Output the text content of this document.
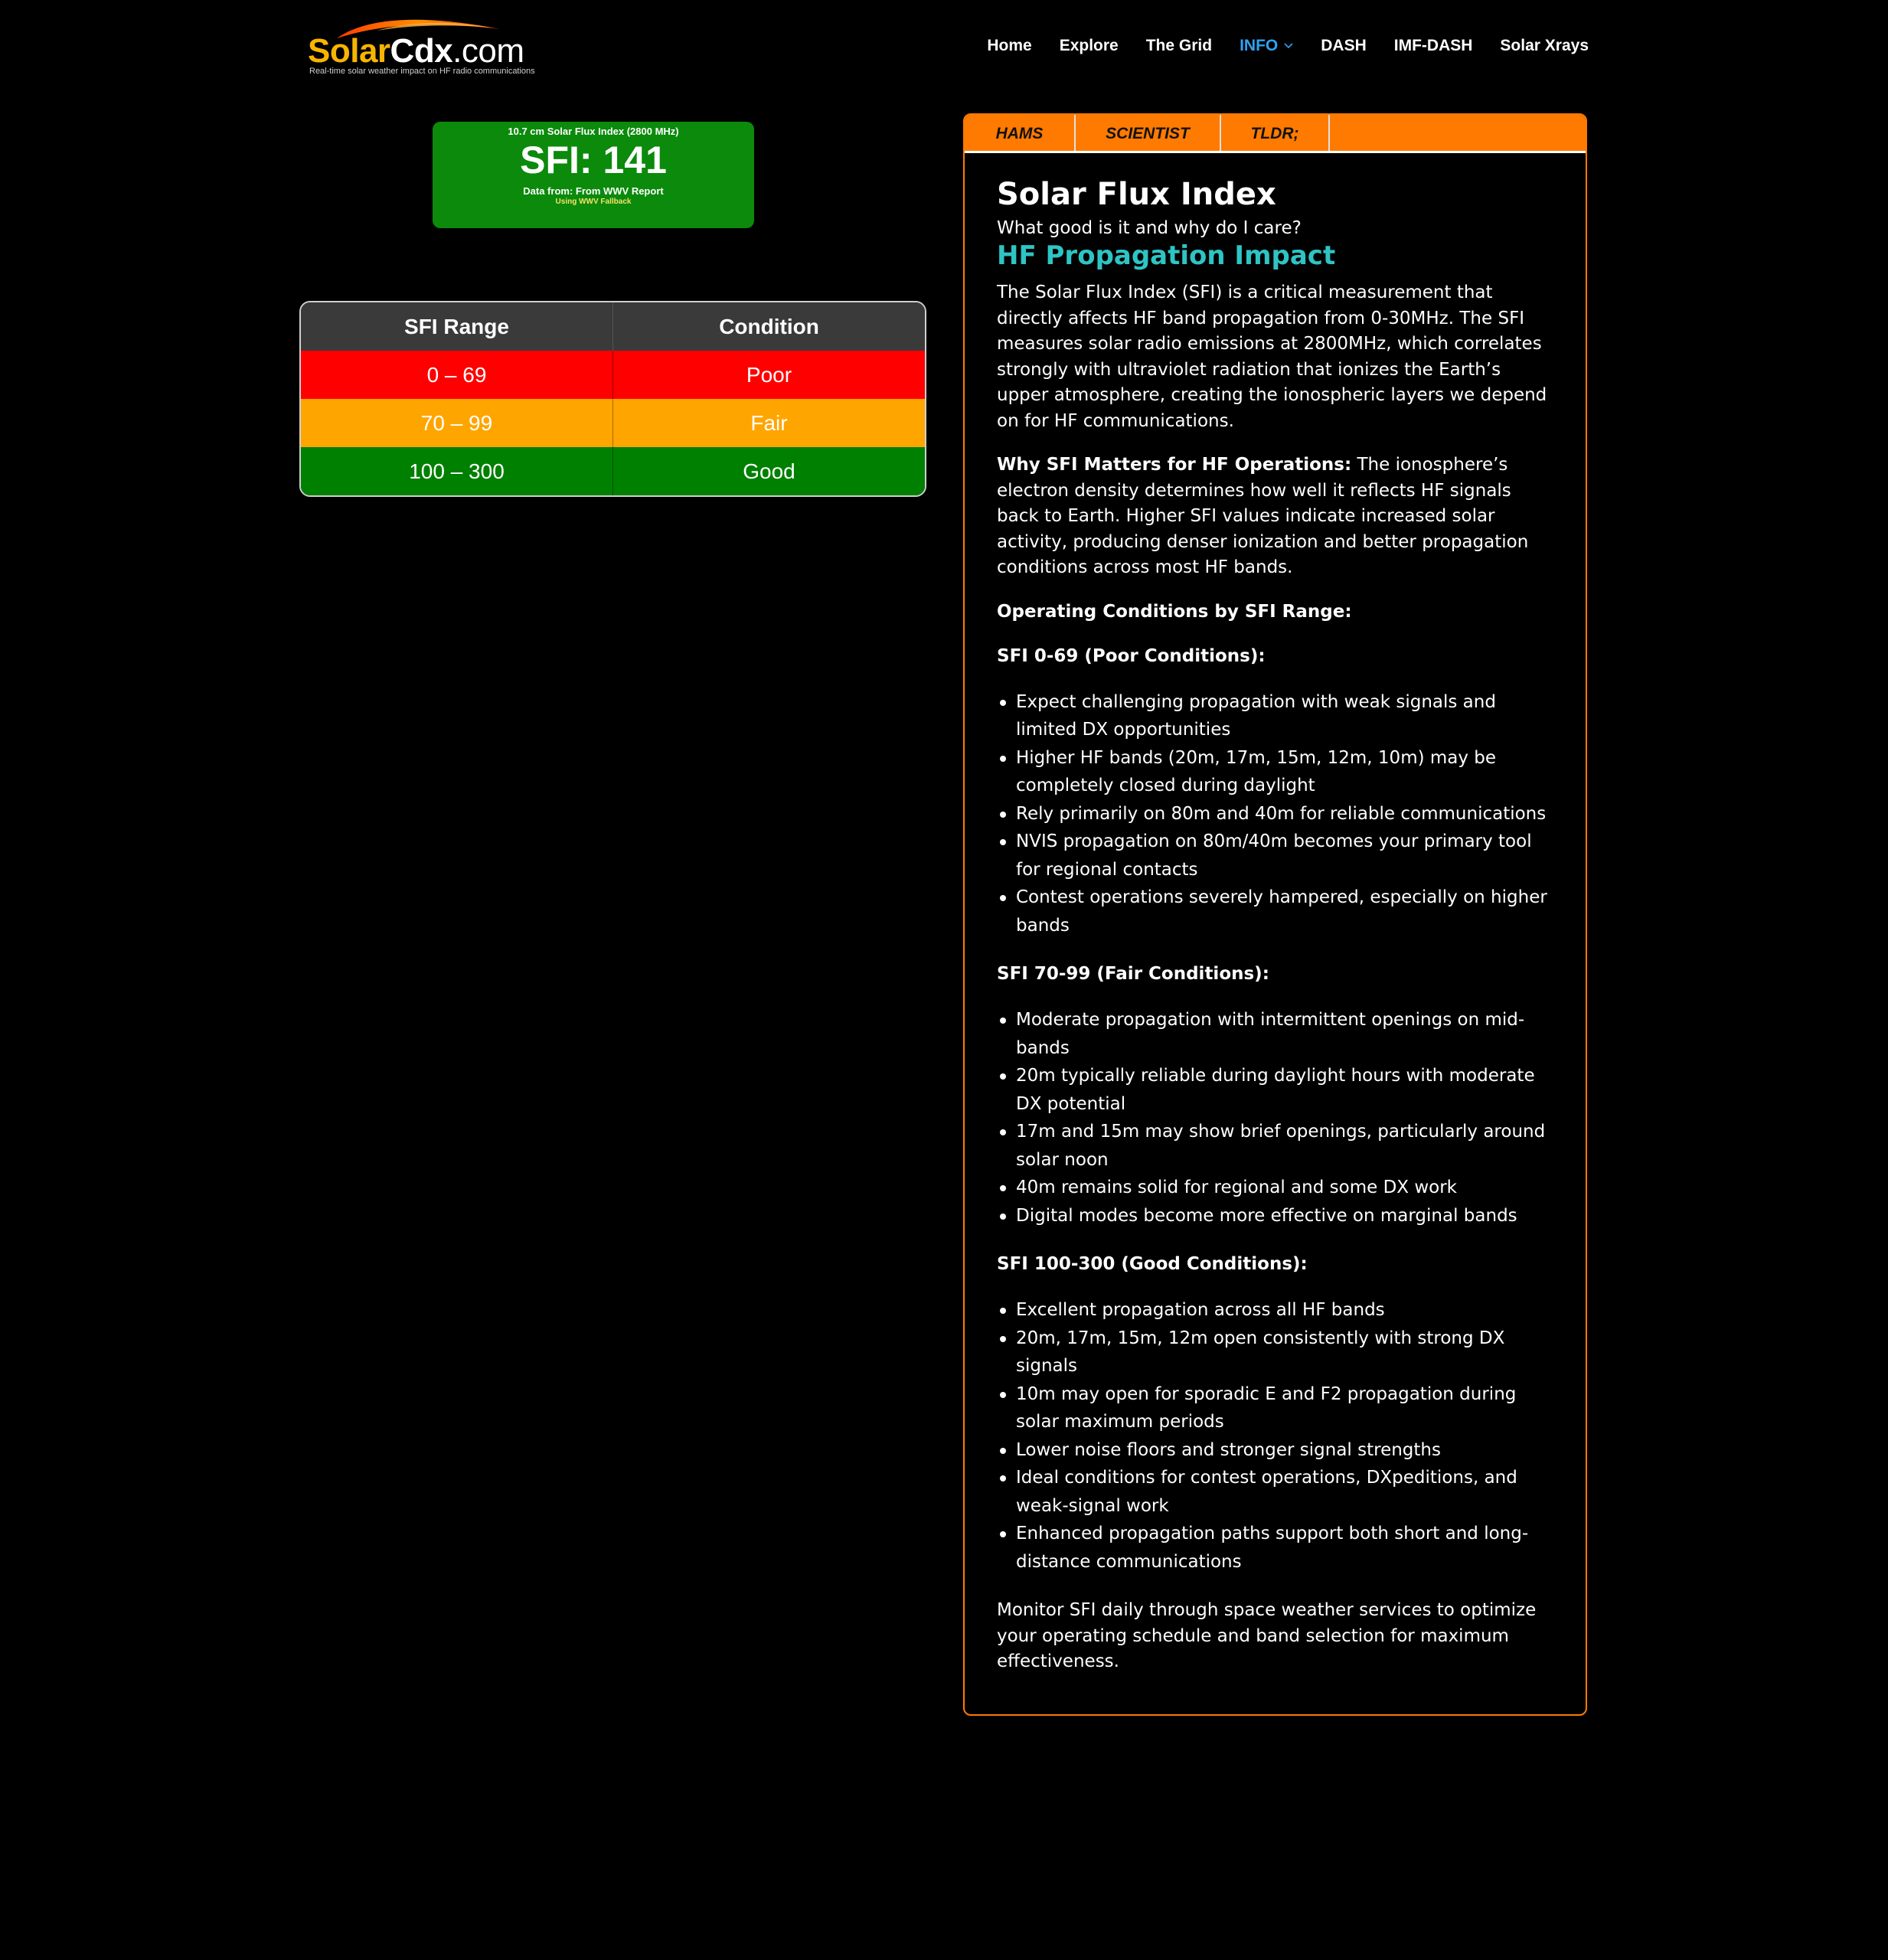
SolarCdx.com
Real-time solar weather impact on HF radio communications
Home Explore The Grid INFO	DASH IMF-DASH Solar Xrays
10.7 cm Solar Flux Index (2800 MHz)
SFI: 141
Data from: From WWV Report
Using WWV Fallback
SFI Range	Condition
0 – 69	Poor
70 – 99	Fair
100 – 300	Good
HAMS	SCIENTIST	TLDR;
Solar Flux Index

What good is it and why do I care?

HF Propagation Impact

The Solar Flux Index (SFI) is a critical measurement that directly affects HF band propagation from 0-30MHz. The SFI measures solar radio emissions at 2800MHz, which correlates strongly with ultraviolet radiation that ionizes the Earth’s upper atmosphere, creating the ionospheric layers we depend on for HF communications.

Why SFI Matters for HF Operations: The ionosphere’s electron density determines how well it reflects HF signals back to Earth. Higher SFI values indicate increased solar activity, producing denser ionization and better propagation conditions across most HF bands.

Operating Conditions by SFI Range:

SFI 0-69 (Poor Conditions):

Expect challenging propagation with weak signals and limited DX opportunities
Higher HF bands (20m, 17m, 15m, 12m, 10m) may be completely closed during daylight
Rely primarily on 80m and 40m for reliable communications
NVIS propagation on 80m/40m becomes your primary tool for regional contacts
Contest operations severely hampered, especially on higher bands

SFI 70-99 (Fair Conditions):

Moderate propagation with intermittent openings on mid-bands
20m typically reliable during daylight hours with moderate DX potential
17m and 15m may show brief openings, particularly around solar noon
40m remains solid for regional and some DX work
Digital modes become more effective on marginal bands

SFI 100-300 (Good Conditions):

Excellent propagation across all HF bands
20m, 17m, 15m, 12m open consistently with strong DX signals
10m may open for sporadic E and F2 propagation during solar maximum periods
Lower noise floors and stronger signal strengths
Ideal conditions for contest operations, DXpeditions, and weak-signal work
Enhanced propagation paths support both short and long-distance communications

Monitor SFI daily through space weather services to optimize your operating schedule and band selection for maximum effectiveness.
